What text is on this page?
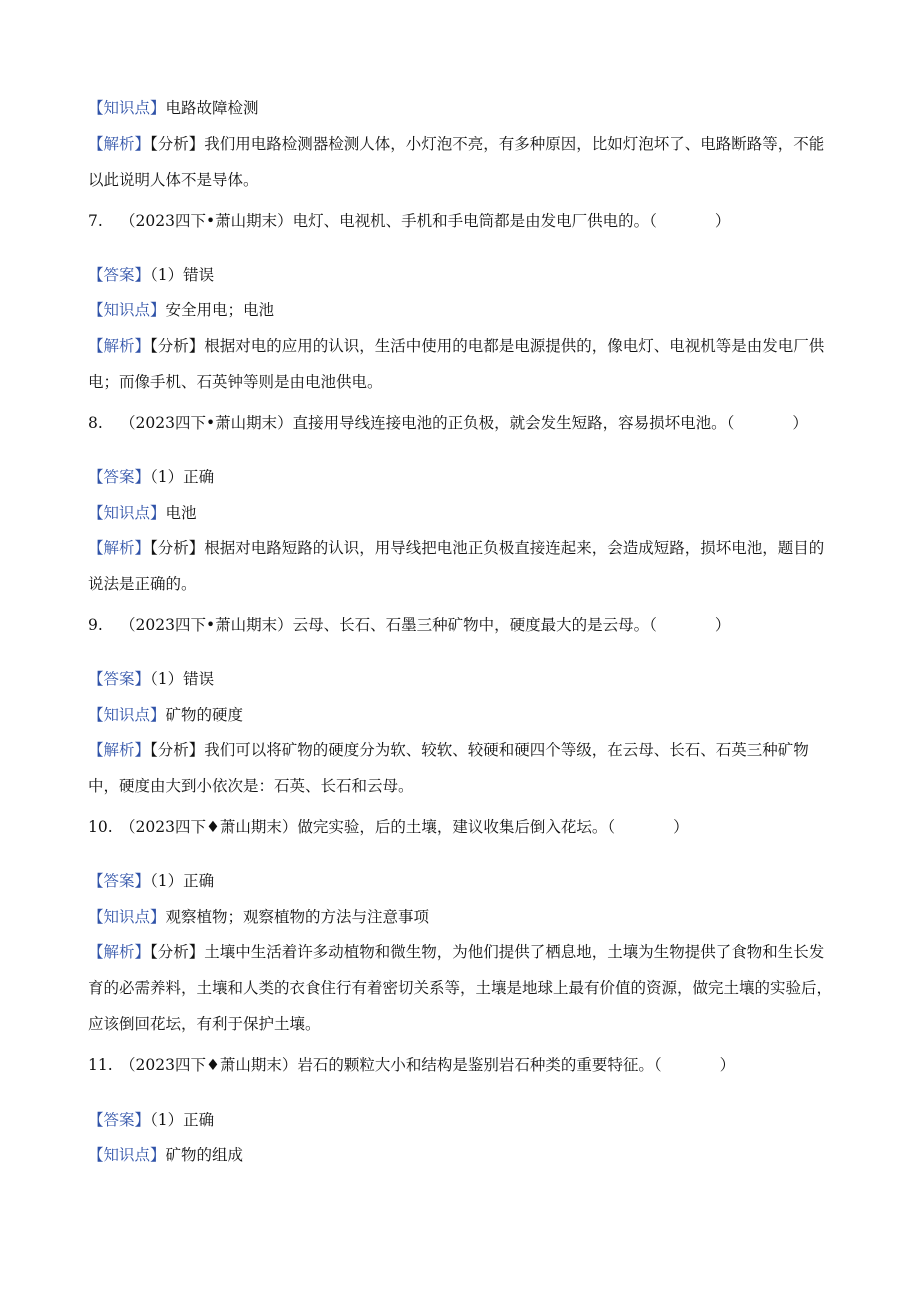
【知识点】电路故障检测
【解析】【分析】我们用电路检测器检测人体，小灯泡不亮，有多种原因，比如灯泡坏了、电路断路等，不能以此说明人体不是导体。
7. （2023四下•萧山期末）电灯、电视机、手机和手电筒都是由发电厂供电的。（	）
【答案】（1）错误
【知识点】安全用电；电池
【解析】【分析】根据对电的应用的认识，生活中使用的电都是电源提供的，像电灯、电视机等是由发电厂供电；而像手机、石英钟等则是由电池供电。
8. （2023四下•萧山期末）直接用导线连接电池的正负极，就会发生短路，容易损坏电池。（	）
【答案】（1）正确
【知识点】电池
【解析】【分析】根据对电路短路的认识，用导线把电池正负极直接连起来，会造成短路，损坏电池，题目的说法是正确的。
9. （2023四下•萧山期末）云母、长石、石墨三种矿物中，硬度最大的是云母。（	）
【答案】（1）错误
【知识点】矿物的硬度
【解析】【分析】我们可以将矿物的硬度分为软、较软、较硬和硬四个等级，在云母、长石、石英三种矿物中，硬度由大到小依次是：石英、长石和云母。
10. （2023四下♦萧山期末）做完实验，后的土壤，建议收集后倒入花坛。（	）
【答案】（1）正确
【知识点】观察植物；观察植物的方法与注意事项
【解析】【分析】土壤中生活着许多动植物和微生物，为他们提供了栖息地，土壤为生物提供了食物和生长发育的必需养料，土壤和人类的衣食住行有着密切关系等，土壤是地球上最有价值的资源，做完土壤的实验后，应该倒回花坛，有利于保护土壤。
11. （2023四下♦萧山期末）岩石的颗粒大小和结构是鉴别岩石种类的重要特征。（	）
【答案】（1）正确
【知识点】矿物的组成
